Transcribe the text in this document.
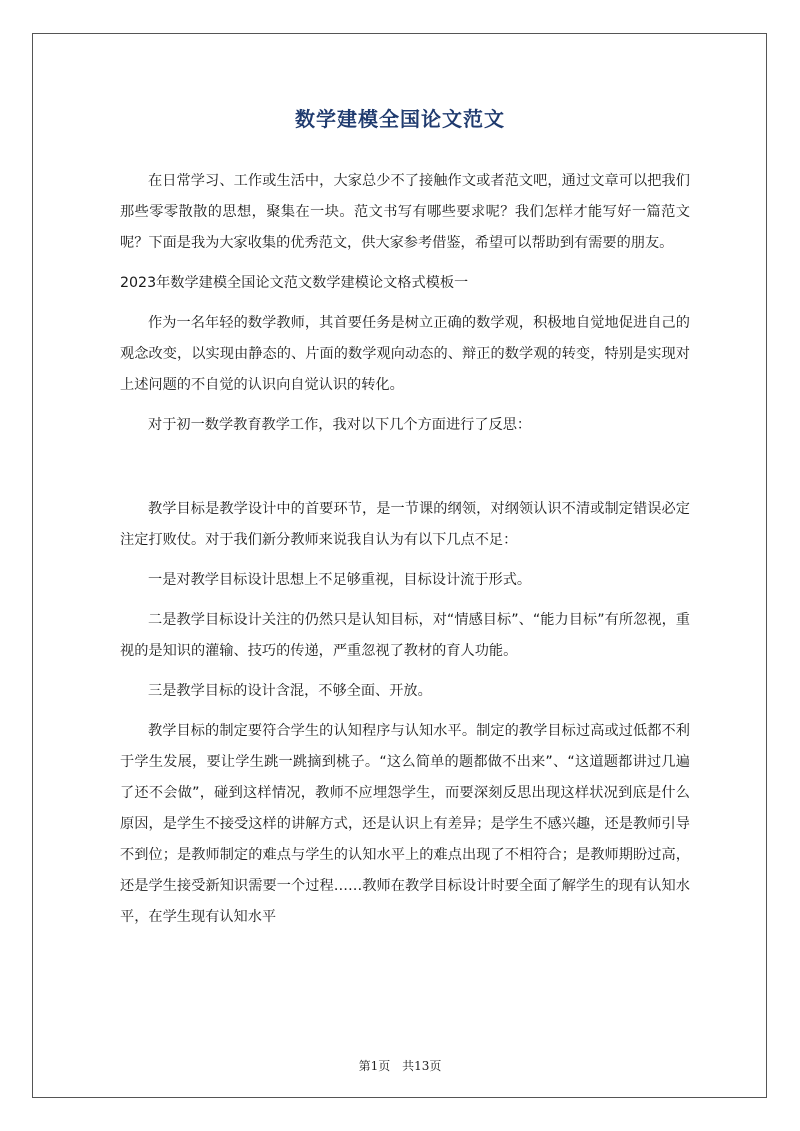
数学建模全国论文范文

在日常学习、工作或生活中，大家总少不了接触作文或者范文吧，通过文章可以把我们那些零零散散的思想，聚集在一块。范文书写有哪些要求呢？我们怎样才能写好一篇范文呢？下面是我为大家收集的优秀范文，供大家参考借鉴，希望可以帮助到有需要的朋友。

2023年数学建模全国论文范文数学建模论文格式模板一

作为一名年轻的数学教师，其首要任务是树立正确的数学观，积极地自觉地促进自己的观念改变，以实现由静态的、片面的数学观向动态的、辩正的数学观的转变，特别是实现对上述问题的不自觉的认识向自觉认识的转化。

对于初一数学教育教学工作，我对以下几个方面进行了反思：

教学目标是教学设计中的首要环节，是一节课的纲领，对纲领认识不清或制定错误必定注定打败仗。对于我们新分教师来说我自认为有以下几点不足：

一是对教学目标设计思想上不足够重视，目标设计流于形式。

二是教学目标设计关注的仍然只是认知目标，对“情感目标”、“能力目标”有所忽视，重视的是知识的灌输、技巧的传递，严重忽视了教材的育人功能。

三是教学目标的设计含混，不够全面、开放。

教学目标的制定要符合学生的认知程序与认知水平。制定的教学目标过高或过低都不利于学生发展，要让学生跳一跳摘到桃子。“这么简单的题都做不出来”、“这道题都讲过几遍了还不会做”，碰到这样情况，教师不应埋怨学生，而要深刻反思出现这样状况到底是什么原因，是学生不接受这样的讲解方式，还是认识上有差异；是学生不感兴趣，还是教师引导不到位；是教师制定的难点与学生的认知水平上的难点出现了不相符合；是教师期盼过高，还是学生接受新知识需要一个过程……教师在教学目标设计时要全面了解学生的现有认知水平，在学生现有认知水平

第1页 共13页
